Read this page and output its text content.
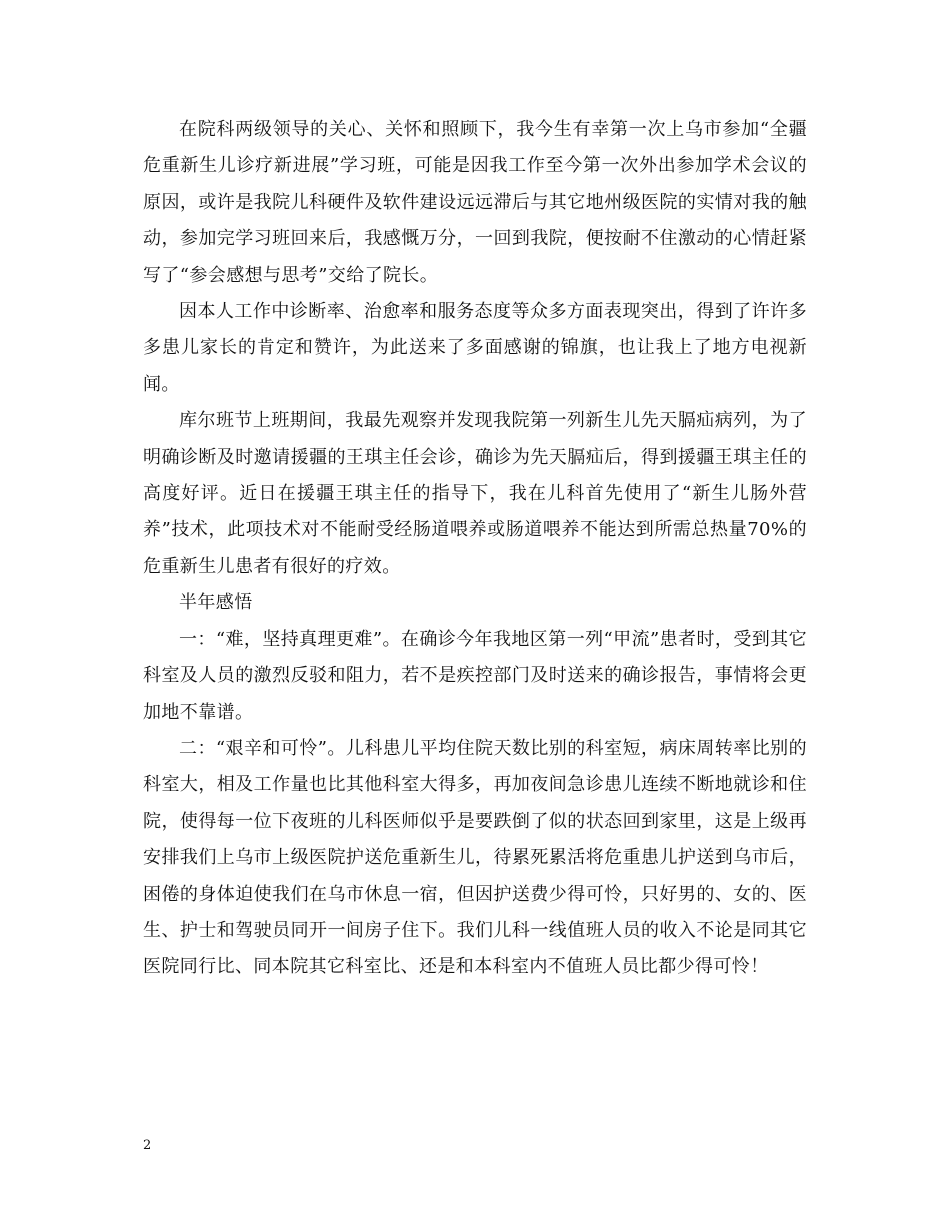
在院科两级领导的关心、关怀和照顾下，我今生有幸第一次上乌市参加“全疆危重新生儿诊疗新进展”学习班，可能是因我工作至今第一次外出参加学术会议的原因，或许是我院儿科硬件及软件建设远远滞后与其它地州级医院的实情对我的触动，参加完学习班回来后，我感慨万分，一回到我院，便按耐不住激动的心情赶紧写了“参会感想与思考”交给了院长。

因本人工作中诊断率、治愈率和服务态度等众多方面表现突出，得到了许许多多患儿家长的肯定和赞许，为此送来了多面感谢的锦旗，也让我上了地方电视新闻。

库尔班节上班期间，我最先观察并发现我院第一列新生儿先天膈疝病列，为了明确诊断及时邀请援疆的王琪主任会诊，确诊为先天膈疝后，得到援疆王琪主任的高度好评。近日在援疆王琪主任的指导下，我在儿科首先使用了“新生儿肠外营养”技术，此项技术对不能耐受经肠道喂养或肠道喂养不能达到所需总热量70%的危重新生儿患者有很好的疗效。

半年感悟

一：“难，坚持真理更难”。在确诊今年我地区第一列“甲流”患者时，受到其它科室及人员的激烈反驳和阻力，若不是疾控部门及时送来的确诊报告，事情将会更加地不靠谱。

二：“艰辛和可怜”。儿科患儿平均住院天数比别的科室短，病床周转率比别的科室大，相及工作量也比其他科室大得多，再加夜间急诊患儿连续不断地就诊和住院，使得每一位下夜班的儿科医师似乎是要跌倒了似的状态回到家里，这是上级再安排我们上乌市上级医院护送危重新生儿，待累死累活将危重患儿护送到乌市后，困倦的身体迫使我们在乌市休息一宿，但因护送费少得可怜，只好男的、女的、医生、护士和驾驶员同开一间房子住下。我们儿科一线值班人员的收入不论是同其它医院同行比、同本院其它科室比、还是和本科室内不值班人员比都少得可怜！

2
